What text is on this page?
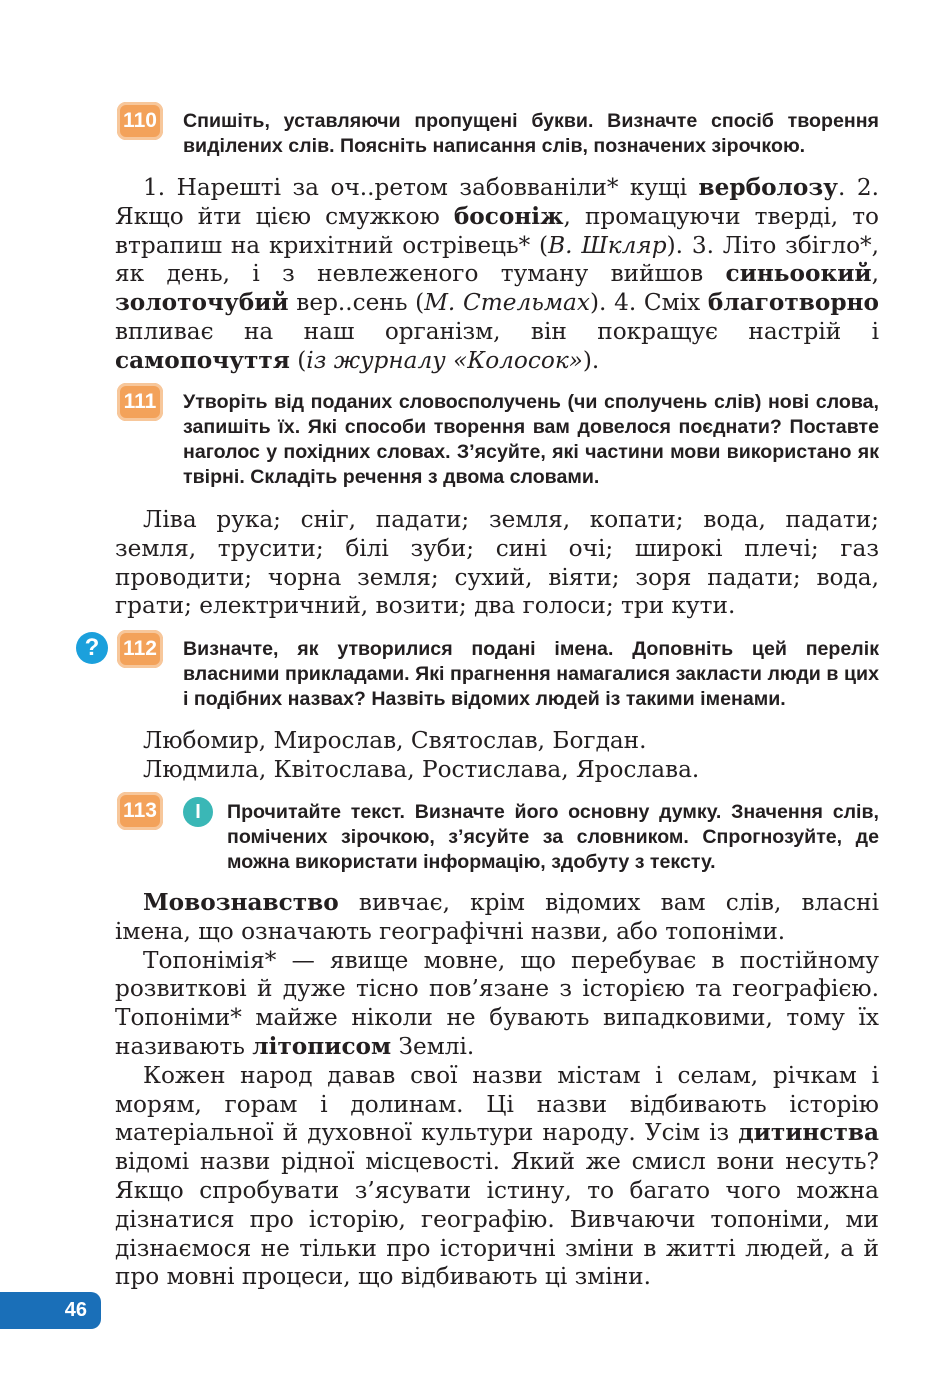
110	Спишіть, уставляючи пропущені букви. Визначте спосіб творення виділених слів. Поясніть написання слів, позначених зірочкою.

1. Нарешті за оч..ретом забовваніли* кущі верболозу. 2. Якщо йти цією смужкою босоніж, промацуючи тверді, то втрапиш на крихітний острівець* (В. Шкляр). 3. Літо збігло*, як день, і з невлеженого туману вийшов синьоокий, золоточубий вер..сень (М. Стельмах). 4. Сміх благотворно впливає на наш організм, він покращує настрій і самопочуття (із журналу «Колосок»).

111	Утворіть від поданих словосполучень (чи сполучень слів) нові слова, запишіть їх. Які способи творення вам довелося поєднати? Поставте наголос у похідних словах. З’ясуйте, які частини мови використано як твірні. Складіть речення з двома словами.

Ліва рука; сніг, падати; земля, копати; вода, падати; земля, трусити; білі зуби; сині очі; широкі плечі; газ проводити; чорна земля; сухий, віяти; зоря падати; вода, грати; електричний, возити; два голоси; три кути.

?	112	Визначте, як утворилися подані імена. Доповніть цей перелік власними прикладами. Які прагнення намагалися закласти люди в цих і подібних назвах? Назвіть відомих людей із такими іменами.

Любомир, Мирослав, Святослав, Богдан.

Людмила, Квітослава, Ростислава, Ярослава.

113	І	Прочитайте текст. Визначте його основну думку. Значення слів, помічених зірочкою, з’ясуйте за словником. Спрогнозуйте, де можна використати інформацію, здобуту з тексту.

Мовознавство вивчає, крім відомих вам слів, власні імена, що означають географічні назви, або топоніми.

Топонімія* — явище мовне, що перебуває в постійному розвиткові й дуже тісно пов’язане з історією та географією. Топоніми* майже ніколи не бувають випадковими, тому їх називають літописом Землі.

Кожен народ давав свої назви містам і селам, річкам і морям, горам і долинам. Ці назви відбивають історію матеріальної й духовної культури народу. Усім із дитинства відомі назви рідної місцевості. Який же смисл вони несуть? Якщо спробувати з’ясувати істину, то багато чого можна дізнатися про історію, географію. Вивчаючи топоніми, ми дізнаємося не тільки про історичні зміни в житті людей, а й про мовні процеси, що відбивають ці зміни.

46
